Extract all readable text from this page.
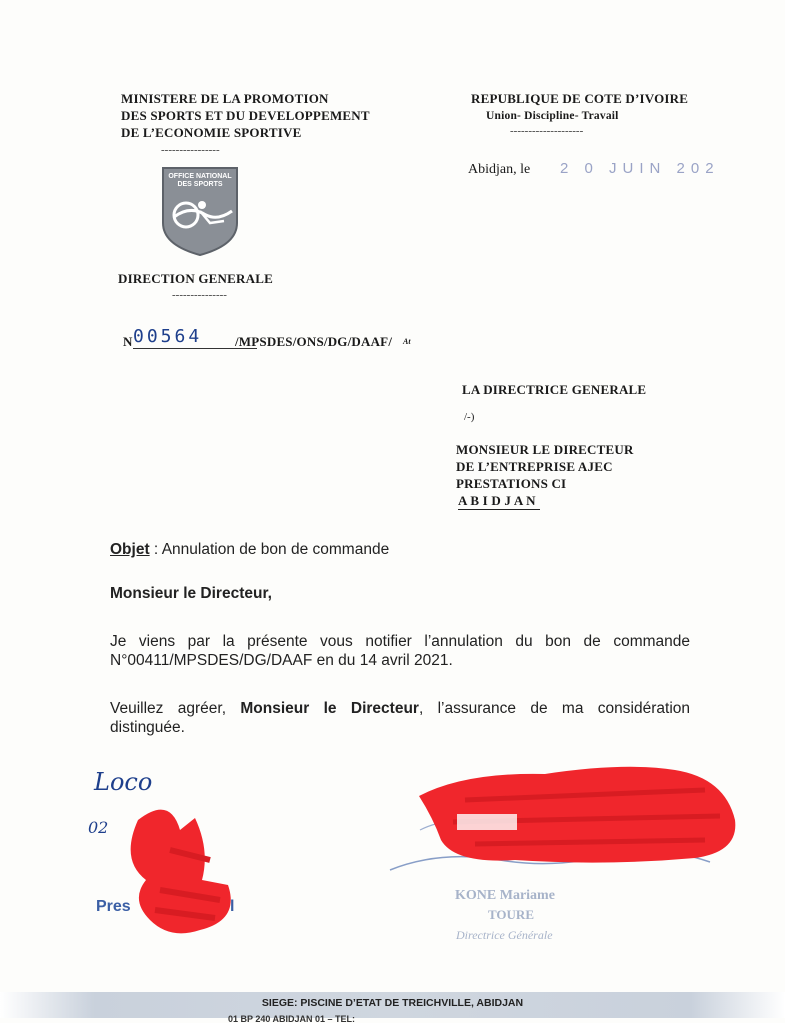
MINISTERE DE LA PROMOTION
DES SPORTS ET DU DEVELOPPEMENT
DE L’ECONOMIE SPORTIVE
----------------
OFFICE NATIONAL
DES SPORTS
DIRECTION GENERALE
---------------
N 00564	/MPSDES/ONS/DG/DAAF/ At
REPUBLIQUE DE COTE D’IVOIRE
Union- Discipline- Travail
--------------------
Abidjan, le 2 0 JUIN 202
LA DIRECTRICE GENERALE
/-)
MONSIEUR LE DIRECTEUR
DE L’ENTREPRISE AJEC
PRESTATIONS CI
A B I D J A N
Objet : Annulation de bon de commande
Monsieur le Directeur,
Je viens par la présente vous notifier l’annulation du bon de commande
N°00411/MPSDES/DG/DAAF en du 14 avril 2021.
Veuillez agréer, Monsieur le Directeur, l’assurance de ma considération
distinguée.
Loco
02
Pres	l
KONE Mariame
TOURE
Directrice Générale
SIEGE: PISCINE D’ETAT DE TREICHVILLE, ABIDJAN
01 BP 240 ABIDJAN 01 – TEL:
